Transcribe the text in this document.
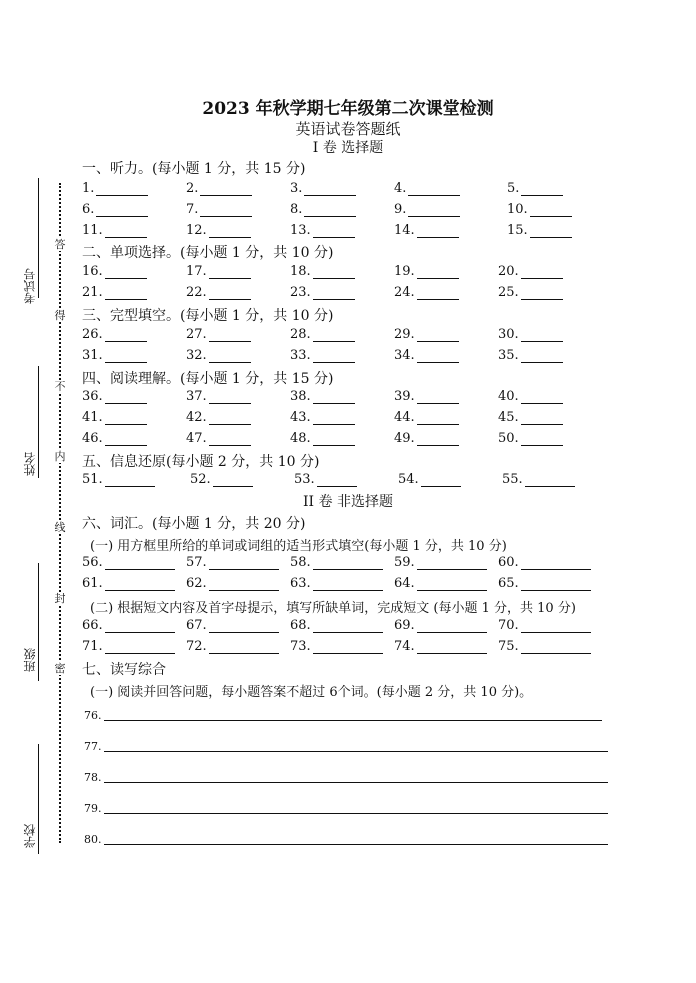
考试号
姓名
班级
学校
答
得
不
内
线
封
密
2023 年秋学期七年级第二次课堂检测
英语试卷答题纸
I 卷 选择题
一、听力。(每小题 1 分，共 15 分)
1.	2.	3.	4.	5.
6.	7.	8.	9.	10.
11.	12.	13.	14.	15.
二、单项选择。(每小题 1 分，共 10 分)
16.	17.	18.	19.	20.
21.	22.	23.	24.	25.
三、完型填空。(每小题 1 分，共 10 分)
26.	27.	28.	29.	30.
31.	32.	33.	34.	35.
四、阅读理解。(每小题 1 分，共 15 分)
36.	37.	38.	39.	40.
41.	42.	43.	44.	45.
46.	47.	48.	49.	50.
五、信息还原(每小题 2 分，共 10 分)
51.	52.	53.	54.	55.
II 卷 非选择题
六、词汇。(每小题 1 分，共 20 分)
(一) 用方框里所给的单词或词组的适当形式填空(每小题 1 分，共 10 分)
56.	57.	58.	59.	60.
61.	62.	63.	64.	65.
(二) 根据短文内容及首字母提示，填写所缺单词，完成短文 (每小题 1 分，共 10 分)
66.	67.	68.	69.	70.
71.	72.	73.	74.	75.
七、读写综合
(一) 阅读并回答问题，每小题答案不超过 6个词。(每小题 2 分，共 10 分)。
76.
77.
78.
79.
80.
